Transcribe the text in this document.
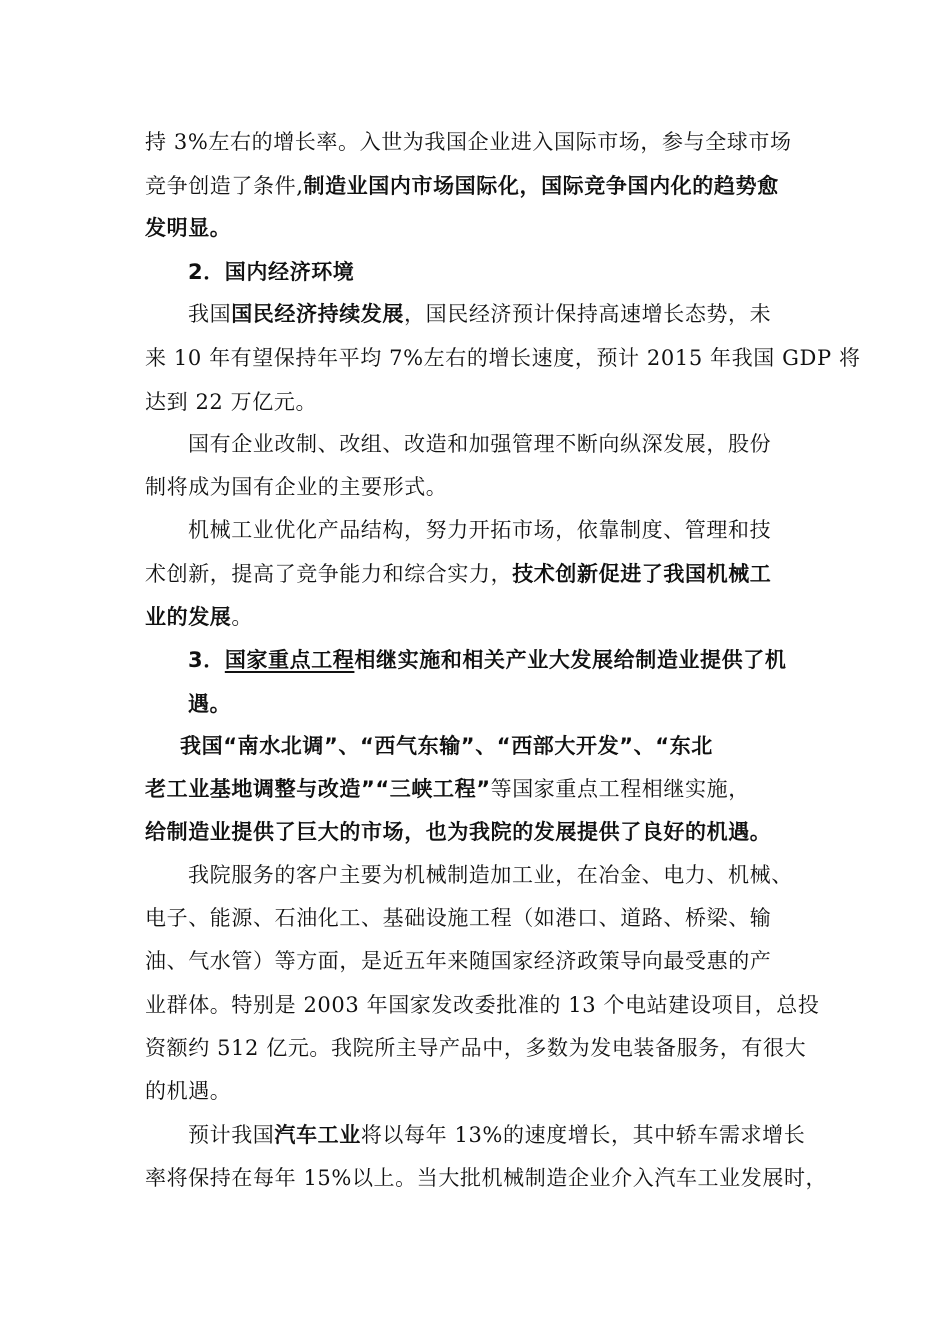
持 3%左右的增长率。入世为我国企业进入国际市场，参与全球市场
竞争创造了条件,制造业国内市场国际化，国际竞争国内化的趋势愈
发明显。
2．国内经济环境
我国国民经济持续发展，国民经济预计保持高速增长态势，未
来 10 年有望保持年平均 7%左右的增长速度，预计 2015 年我国 GDP 将
达到 22 万亿元。
国有企业改制、改组、改造和加强管理不断向纵深发展，股份
制将成为国有企业的主要形式。
机械工业优化产品结构，努力开拓市场，依靠制度、管理和技
术创新，提高了竞争能力和综合实力，技术创新促进了我国机械工
业的发展。
3．国家重点工程相继实施和相关产业大发展给制造业提供了机
遇。
我国“南水北调”、“西气东输”、“西部大开发”、“东北
老工业基地调整与改造”“三峡工程”等国家重点工程相继实施，
给制造业提供了巨大的市场，也为我院的发展提供了良好的机遇。
我院服务的客户主要为机械制造加工业，在冶金、电力、机械、
电子、能源、石油化工、基础设施工程（如港口、道路、桥梁、输
油、气水管）等方面，是近五年来随国家经济政策导向最受惠的产
业群体。特别是 2003 年国家发改委批准的 13 个电站建设项目，总投
资额约 512 亿元。我院所主导产品中，多数为发电装备服务，有很大
的机遇。
预计我国汽车工业将以每年 13%的速度增长，其中轿车需求增长
率将保持在每年 15%以上。当大批机械制造企业介入汽车工业发展时，
